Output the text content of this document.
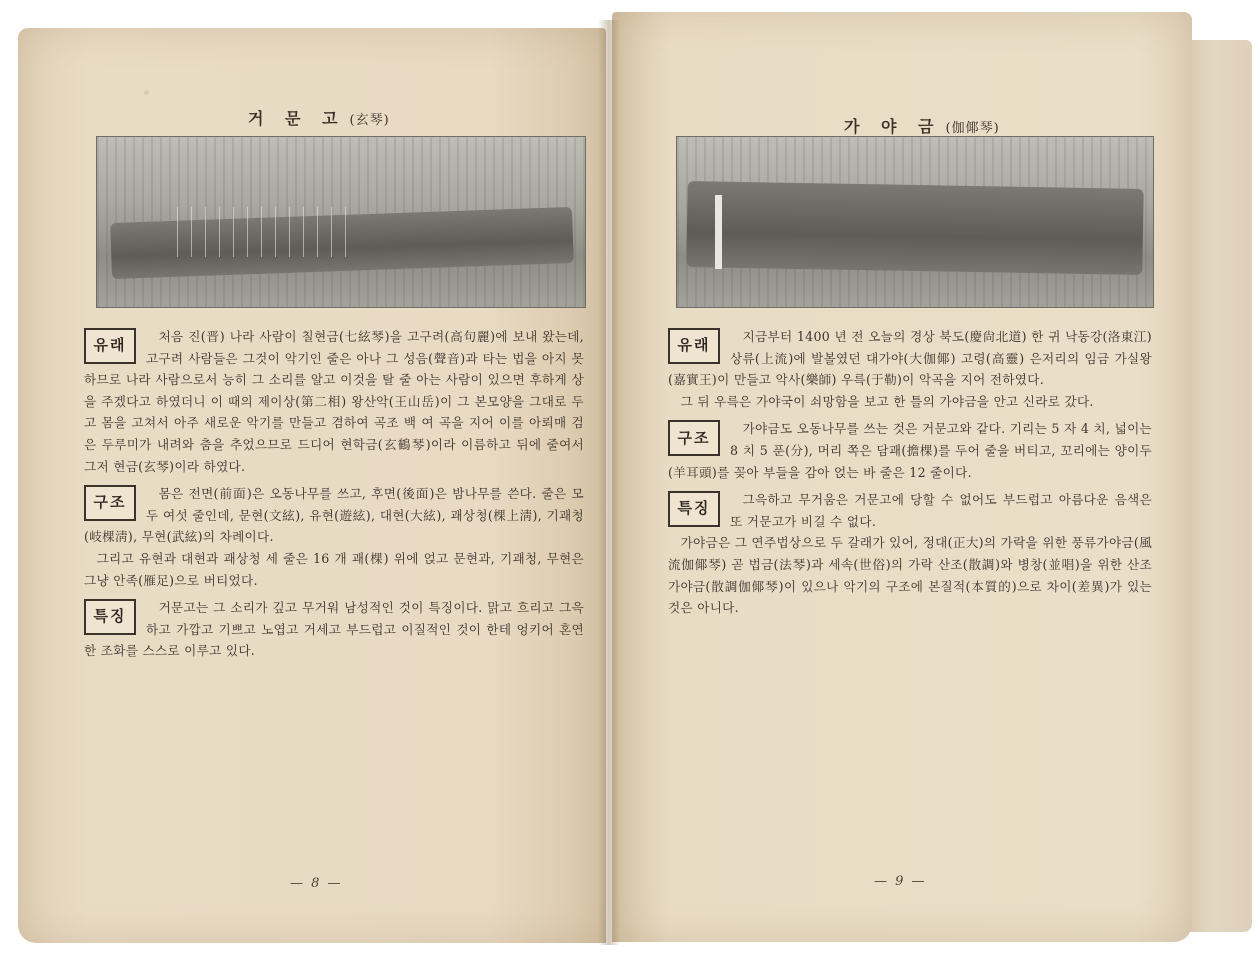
거 문 고 (玄琴)
유래	처음 진(晋) 나라 사람이 칠현금(七絃琴)을 고구려(高句麗)에 보내 왔는데, 고구려 사람들은 그것이 악기인 줄은 아나 그 성음(聲音)과 타는 법을 아지 못하므로 나라 사람으로서 능히 그 소리를 알고 이것을 탈 줄 아는 사람이 있으면 후하게 상을 주겠다고 하였더니 이 때의 제이상(第二相) 왕산악(王山岳)이 그 본모양을 그대로 두고 몸을 고쳐서 아주 새로운 악기를 만들고 겸하여 곡조 백 여 곡을 지어 이를 아뢰매 검은 두루미가 내려와 춤을 추었으므로 드디어 현학금(玄鶴琴)이라 이름하고 뒤에 줄여서 그저 현금(玄琴)이라 하였다.

구조	몸은 전면(前面)은 오동나무를 쓰고, 후면(後面)은 밤나무를 쓴다. 줄은 모두 여섯 줄인데, 문현(文絃), 유현(遊絃), 대현(大絃), 괘상청(棵上淸), 기괘청(岐棵淸), 무현(武絃)의 차례이다.

그리고 유현과 대현과 괘상청 세 줄은 16 개 괘(棵) 위에 얹고 문현과, 기괘청, 무현은 그냥 안족(雁足)으로 버티었다.

특징	거문고는 그 소리가 깊고 무거워 남성적인 것이 특징이다. 맑고 흐리고 그윽하고 가깝고 기쁘고 노엽고 거세고 부드럽고 이질적인 것이 한테 엉키어 혼연한 조화를 스스로 이루고 있다.

— 8 —
가 야 금 (伽倻琴)
유래	지금부터 1400 년 전 오늘의 경상 북도(慶尙北道) 한 귀 낙동강(洛東江) 상류(上流)에 발볼였던 대가야(大伽倻) 고령(高靈) 은저리의 임금 가실왕(嘉實王)이 만들고 악사(樂師) 우륵(于勒)이 악곡을 지어 전하였다.

그 뒤 우륵은 가야국이 쇠망함을 보고 한 틀의 가야금을 안고 신라로 갔다.

구조	가야금도 오동나무를 쓰는 것은 거문고와 같다. 기리는 5 자 4 치, 넓이는 8 치 5 푼(分), 머리 쪽은 담괘(擔棵)를 두어 줄을 버티고, 꼬리에는 양이두(羊耳頭)를 꽂아 부들을 감아 얹는 바 줄은 12 줄이다.

특징	그윽하고 무거움은 거문고에 당할 수 없어도 부드럽고 아름다운 음색은 또 거문고가 비길 수 없다.

가야금은 그 연주법상으로 두 갈래가 있어, 정대(正大)의 가락을 위한 풍류가야금(風流伽倻琴) 곧 법금(法琴)과 세속(世俗)의 가락 산조(散調)와 병창(並唱)을 위한 산조가야금(散調伽倻琴)이 있으나 악기의 구조에 본질적(本質的)으로 차이(差異)가 있는 것은 아니다.

— 9 —
